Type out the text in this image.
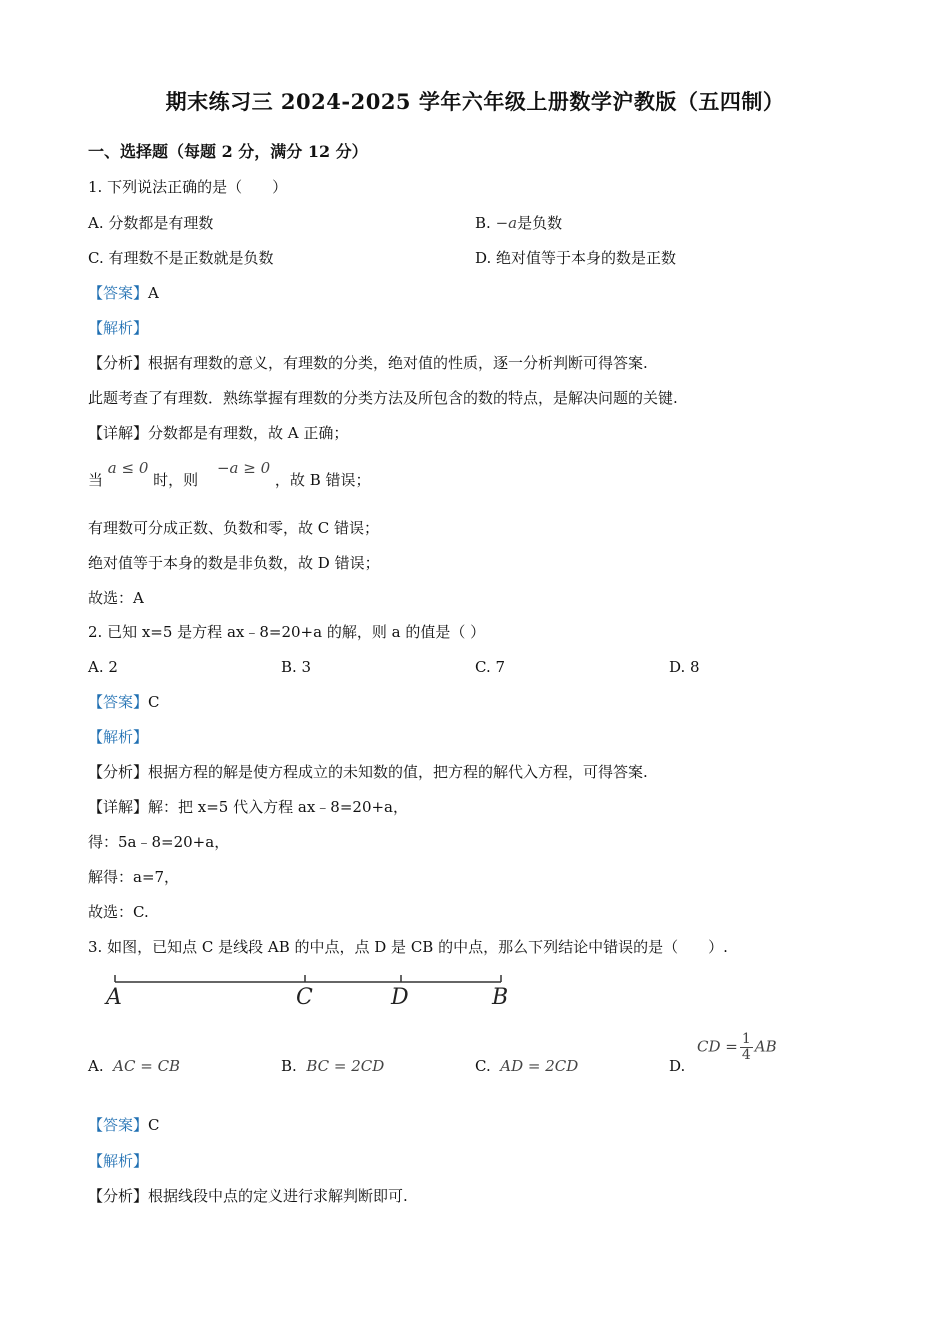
期末练习三 2024-2025 学年六年级上册数学沪教版（五四制）
一、选择题（每题 2 分，满分 12 分）
1. 下列说法正确的是（　　）
A. 分数都是有理数	B. −a是负数
C. 有理数不是正数就是负数	D. 绝对值等于本身的数是正数
【答案】A
【解析】
【分析】根据有理数的意义，有理数的分类，绝对值的性质，逐一分析判断可得答案.
此题考查了有理数．熟练掌握有理数的分类方法及所包含的数的特点，是解决问题的关键.
【详解】分数都是有理数，故 A 正确；
当 a ≤ 0 时，则 −a ≥ 0 ，故 B 错误；
有理数可分成正数、负数和零，故 C 错误；
绝对值等于本身的数是非负数，故 D 错误；
故选：A
2. 已知 x=5 是方程 ax﹣8=20+a 的解，则 a 的值是（ ）
A. 2	B. 3	C. 7	D. 8
【答案】C
【解析】
【分析】根据方程的解是使方程成立的未知数的值，把方程的解代入方程，可得答案.
【详解】解：把 x=5 代入方程 ax﹣8=20+a，
得：5a﹣8=20+a，
解得：a=7，
故选：C.
3. 如图，已知点 C 是线段 AB 的中点，点 D 是 CB 的中点，那么下列结论中错误的是（　　）.
A	C	D	B
A. AC = CB	B. BC = 2CD	C. AD = 2CD	D.
CD = $\frac{1}{4}$ AB
【答案】C
【解析】
【分析】根据线段中点的定义进行求解判断即可.
